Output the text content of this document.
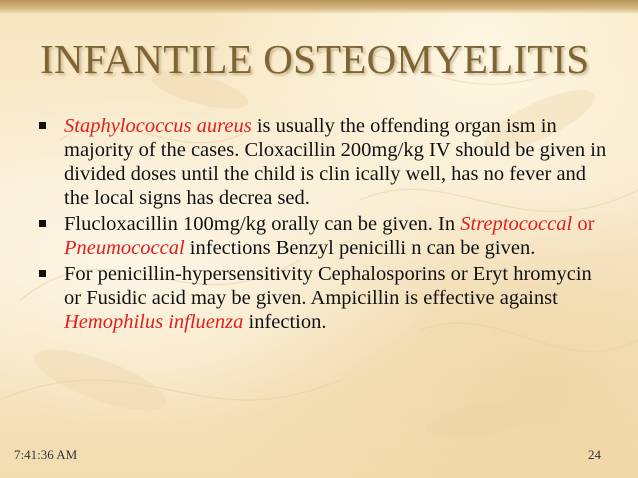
INFANTILE OSTEOMYELITIS
Staphylococcus aureus is usually the offending organ ism in majority of the cases. Cloxacillin 200mg/kg IV should be given in divided doses until the child is clin ically well, has no fever and the local signs has decrea sed.
Flucloxacillin 100mg/kg orally can be given. In Streptococcal or Pneumococcal infections Benzyl penicilli n can be given.
For penicillin-hypersensitivity Cephalosporins or Eryt hromycin or Fusidic acid may be given. Ampicillin is effective against Hemophilus influenza infection.
7:41:36 AM	24
